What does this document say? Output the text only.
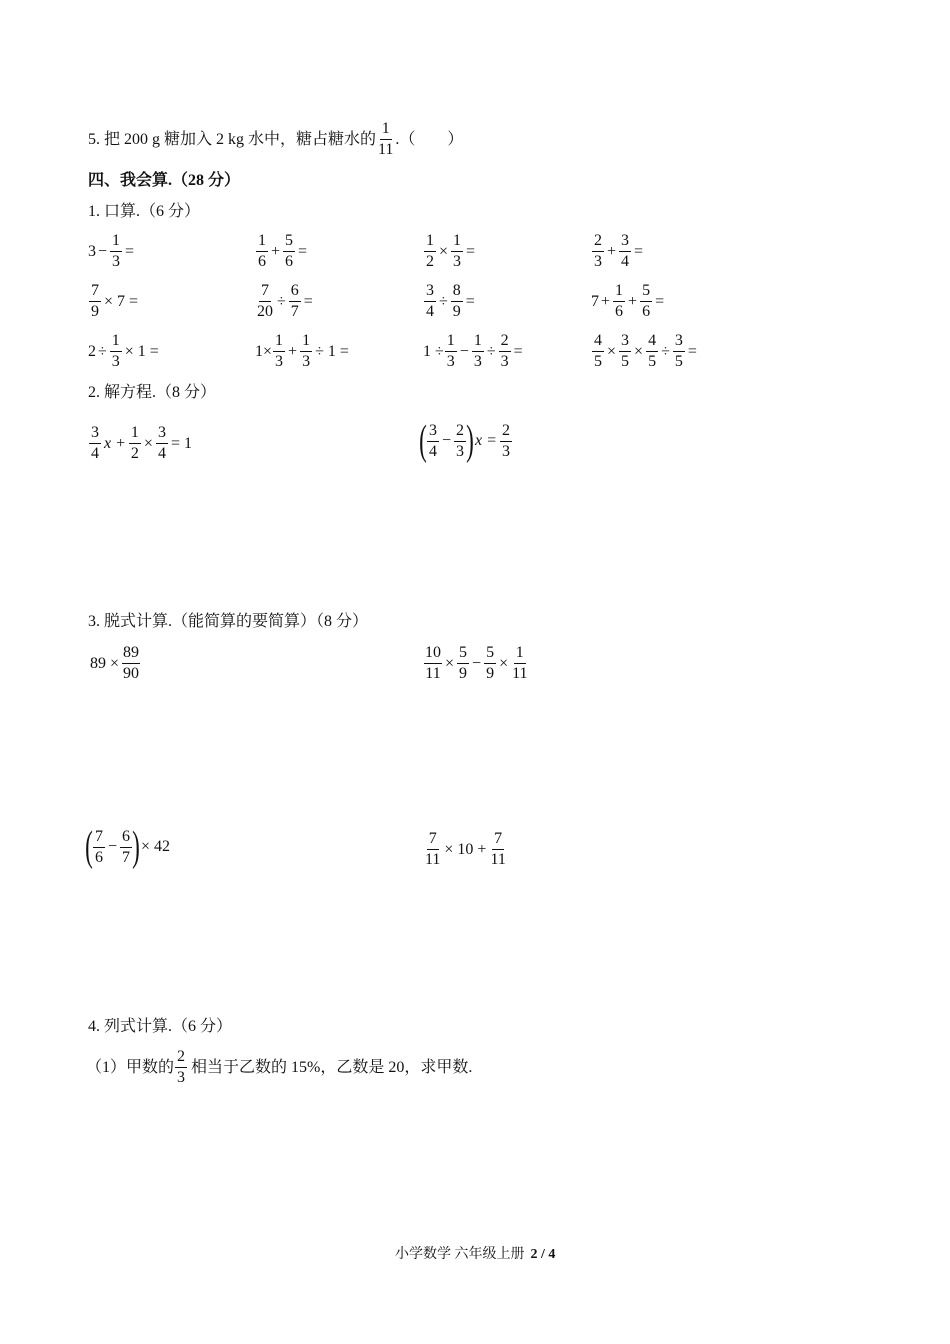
5. 把 200 g 糖加入 2 kg 水中，糖占糖水的 $\frac{1}{11}$ .（　　）
四、我会算.（28 分）
1. 口算.（6 分）
$3 - \frac{1}{3}$ =	$\frac{1}{6} + \frac{5}{6}$ =	$\frac{1}{2} \times \frac{1}{3}$ =	$\frac{2}{3} + \frac{3}{4}$ =
$\frac{7}{9} \times 7$ =	$\frac{7}{20} \div \frac{6}{7}$ =	$\frac{3}{4} \div \frac{8}{9}$ =	$7 + \frac{1}{6} + \frac{5}{6}$ =
$2 \div \frac{1}{3} \times 1$ =	$1\times \frac{1}{3} + \frac{1}{3} \div 1$ =	$1 \div \frac{1}{3} - \frac{1}{3} \div \frac{2}{3}$ =	$\frac{4}{5} \times \frac{3}{5} \times \frac{4}{5} \div \frac{3}{5}$ =
2. 解方程.（8 分）
$\frac{3}{4}$ $x + \frac{1}{2} \times \frac{3}{4} = 1$	( $\frac{3}{4} - \frac{2}{3}$ ) $x = \frac{2}{3}$
3. 脱式计算.（能简算的要简算）（8 分）
$89 \times \frac{89}{90}$	$\frac{10}{11} \times \frac{5}{9} - \frac{5}{9} \times \frac{1}{11}$
( $\frac{7}{6} - \frac{6}{7}$ ) × 42	$\frac{7}{11} \times 10 + \frac{7}{11}$
4. 列式计算.（6 分）
（1）甲数的 $\frac{2}{3}$ 相当于乙数的 15%，乙数是 20，求甲数.
小学数学 六年级上册 2 / 4
